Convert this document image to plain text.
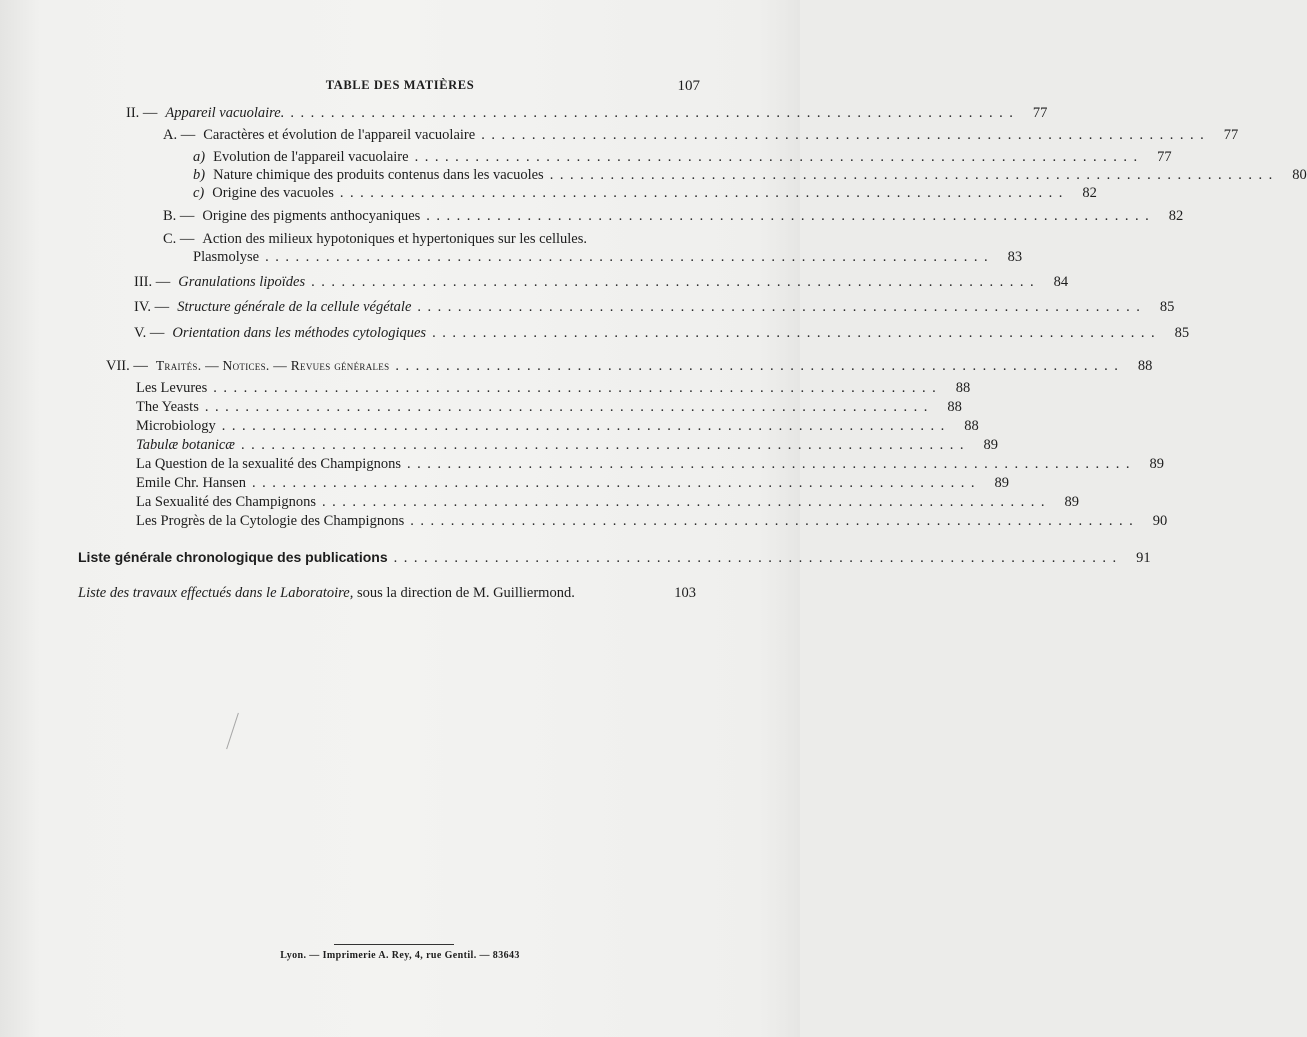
TABLE DES MATIÈRES	107
II. — Appareil vacuolaire. ........................................................................ 77
A. — Caractères et évolution de l'appareil vacuolaire ........................................................................ 77
a) Evolution de l'appareil vacuolaire ........................................................................ 77
b) Nature chimique des produits contenus dans les vacuoles ........................................................................ 80
c) Origine des vacuoles ........................................................................ 82
B. — Origine des pigments anthocyaniques ........................................................................ 82
C. — Action des milieux hypotoniques et hypertoniques sur les cellules.
Plasmolyse ........................................................................ 83
III. — Granulations lipoïdes ........................................................................ 84
IV. — Structure générale de la cellule végétale ........................................................................ 85
V. — Orientation dans les méthodes cytologiques ........................................................................ 85
VII. — Traités. — Notices. — Revues générales ........................................................................ 88
Les Levures ........................................................................ 88
The Yeasts ........................................................................ 88
Microbiology ........................................................................ 88
Tabulæ botanicæ ........................................................................ 89
La Question de la sexualité des Champignons ........................................................................ 89
Emile Chr. Hansen ........................................................................ 89
La Sexualité des Champignons ........................................................................ 89
Les Progrès de la Cytologie des Champignons ........................................................................ 90
Liste générale chronologique des publications ........................................................................ 91
Liste des travaux effectués dans le Laboratoire, sous la direction de M. Guilliermond.	103
Lyon. — Imprimerie A. Rey, 4, rue Gentil. — 83643
